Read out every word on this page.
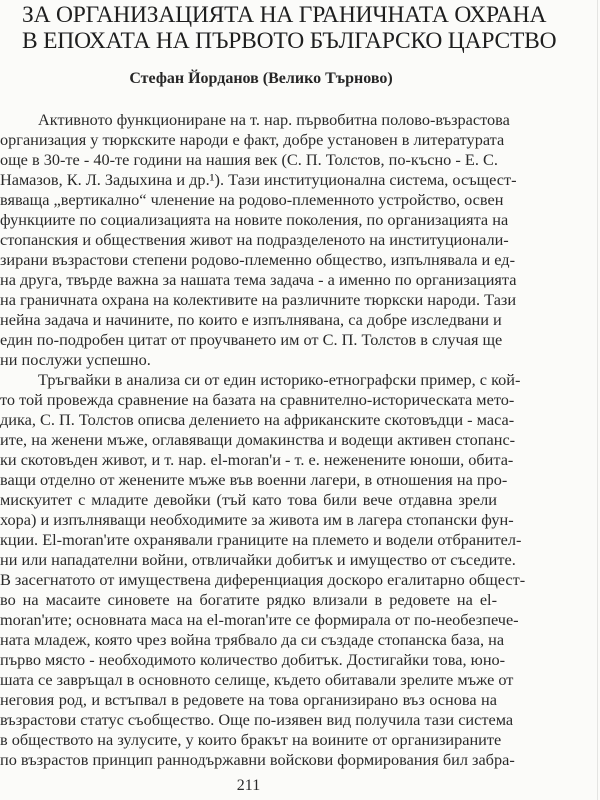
ЗА ОРГАНИЗАЦИЯТА НА ГРАНИЧНАТА ОХРАНА
В ЕПОХАТА НА ПЪРВОТО БЪЛГАРСКО ЦАРСТВО
Стефан Йорданов (Велико Търново)
Активното функциониране на т. нар. първобитна полово-възрастова
организация у тюркските народи е факт, добре установен в литературата
още в 30-те - 40-те години на нашия век (С. П. Толстов, по-късно - Е. С.
Намазов, К. Л. Задыхина и др.¹). Тази институционална система, осъщест-
вяваща „вертикално“ членение на родово-племенното устройство, освен
функциите по социализацията на новите поколения, по организацията на
стопанския и обществения живот на подразделеното на институционали-
зирани възрастови степени родово-племенно общество, изпълнявала и ед-
на друга, твърде важна за нашата тема задача - а именно по организацията
на граничната охрана на колективите на различните тюркски народи. Тази
нейна задача и начините, по които е изпълнявана, са добре изследвани и
един по-подробен цитат от проучването им от С. П. Толстов в случая ще
ни послужи успешно.
Тръгвайки в анализа си от един историко-етнографски пример, с кой-
то той провежда сравнение на базата на сравнително-историческата мето-
дика, С. П. Толстов описва делението на африканските скотовъдци - маса-
ите, на женени мъже, оглавяващи домакинства и водещи активен стопанс-
ки скотовъден живот, и т. нар. el-moran'и - т. е. неженените юноши, обита-
ващи отделно от женените мъже във военни лагери, в отношения на про-
мискуитет с младите девойки (тъй като това били вече отдавна зрели
хора) и изпълняващи необходимите за живота им в лагера стопански фун-
кции. El-moran'ите охранявали границите на племето и водели отбранител-
ни или нападателни войни, отвличайки добитък и имущество от съседите.
В засегнатото от имуществена диференциация доскоро егалитарно общест-
во на масаите синовете на богатите рядко влизали в редовете на el-
moran'ите; основната маса на el-moran'ите се формирала от по-необезпече-
ната младеж, която чрез война трябвало да си създаде стопанска база, на
първо място - необходимото количество добитък. Достигайки това, юно-
шата се завръщал в основното селище, където обитавали зрелите мъже от
неговия род, и встъпвал в редовете на това организирано въз основа на
възрастови статус съобщество. Още по-изявен вид получила тази система
в обществото на зулусите, у които бракът на воините от организираните
по възрастов принцип раннодържавни войскови формирования бил забра-
211
